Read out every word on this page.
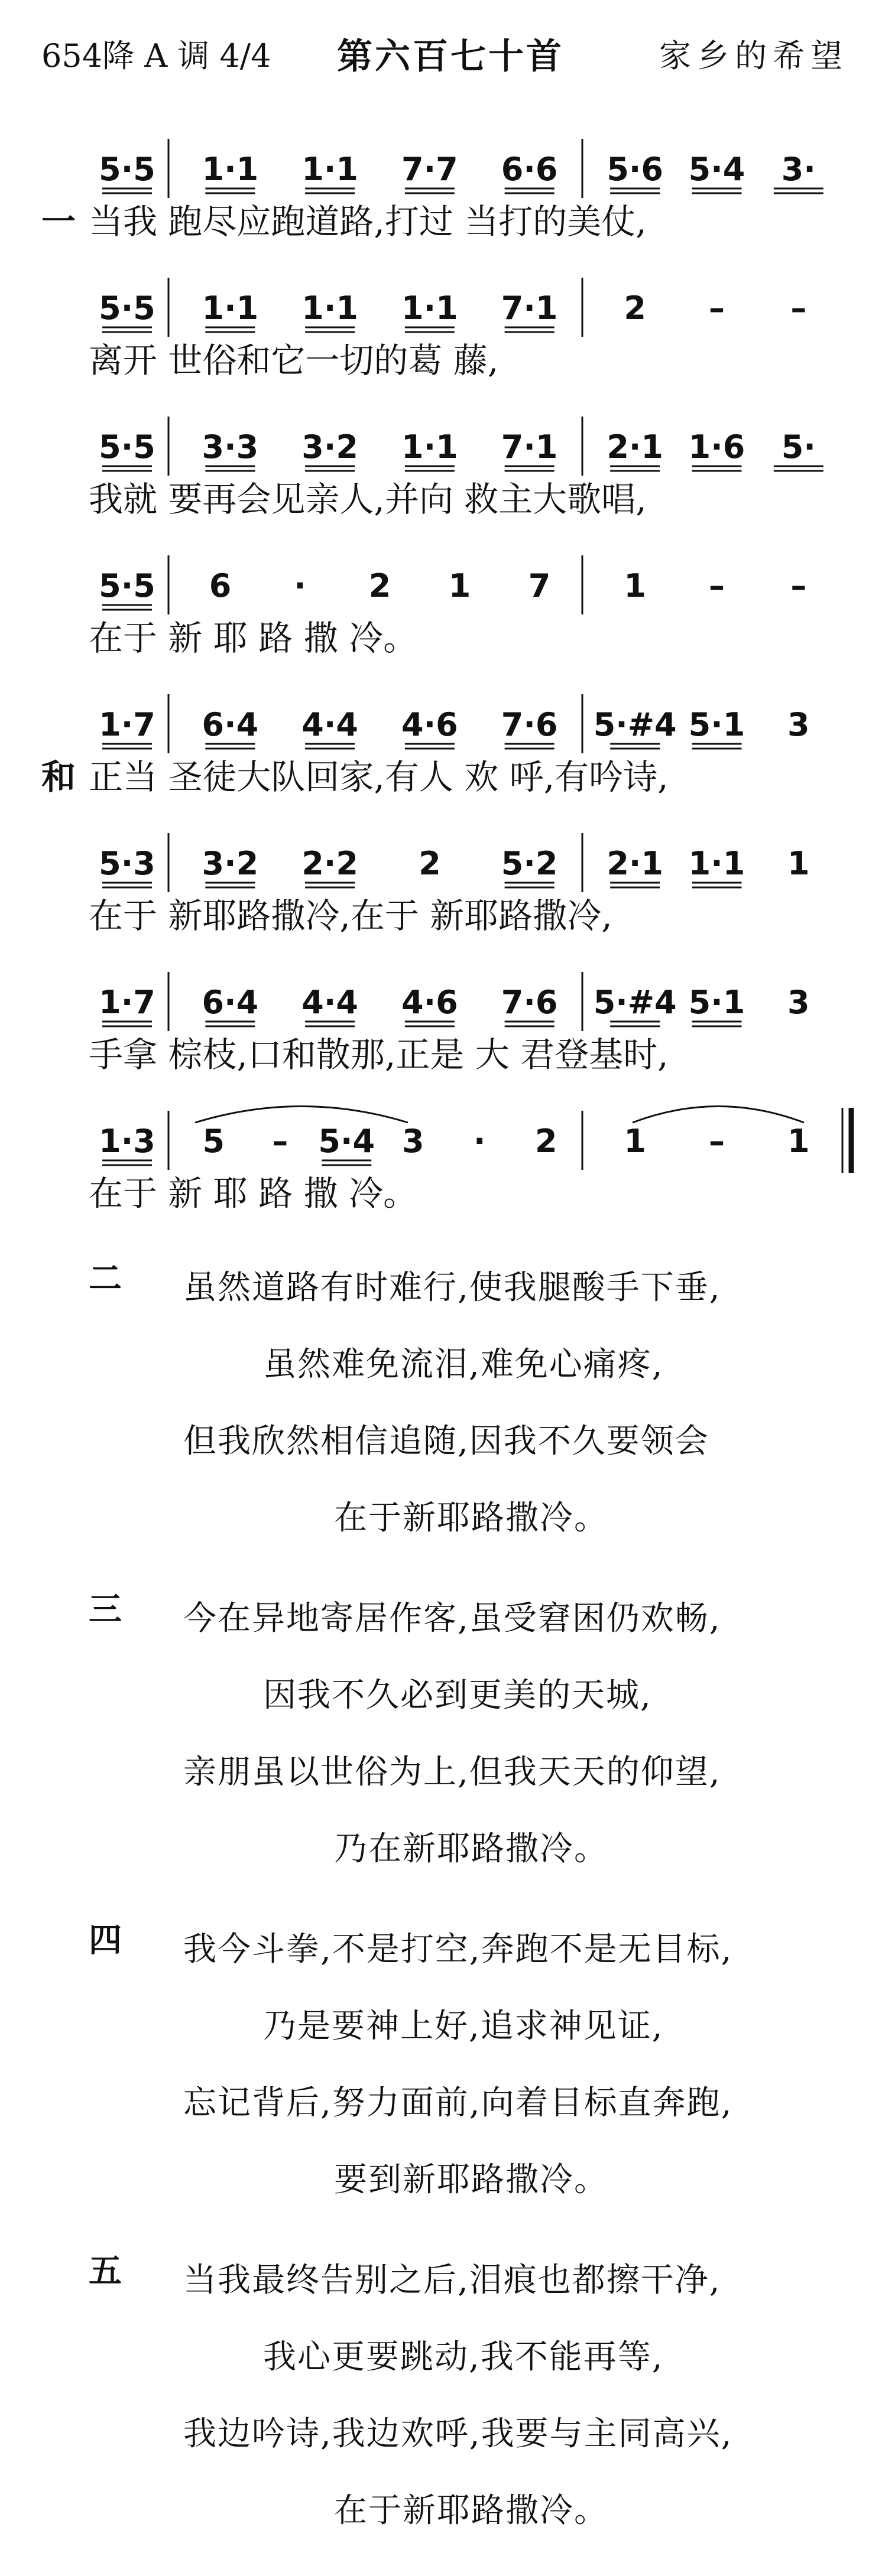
654降 A 调 4/4 第六百七十首	家乡的希望
5·5 1·1 1·1 7·7 6·6 5·6 5·4 3·
一 当我 跑尽应跑道路,打过 当打的美仗,
5·5 1·1 1·1 1·1 7·1 2 – –
离开 世俗和它一切的葛 藤,
5·5 3·3 3·2 1·1 7·1 2·1 1·6 5·
我就 要再会见亲人,并向 救主大歌唱,
5·5 6 · 2 1 7 1 – –
在于 新 耶 路 撒 冷。
1·7 6·4 4·4 4·6 7·6 5·#4 5·1 3
和 正当 圣徒大队回家,有人 欢 呼,有吟诗,
5·3 3·2 2·2 2 5·2 2·1 1·1 1
在于 新耶路撒冷,在于 新耶路撒冷,
1·7 6·4 4·4 4·6 7·6 5·#4 5·1 3
手拿 棕枝,口和散那,正是 大 君登基时,
1·3 5 – 5·4 3 · 2 1 – 1
在于 新 耶 路 撒 冷。
二	虽然道路有时难行,使我腿酸手下垂,
虽然难免流泪,难免心痛疼,
但我欣然相信追随,因我不久要领会
在于新耶路撒冷。
三	今在异地寄居作客,虽受窘困仍欢畅,
因我不久必到更美的天城,
亲朋虽以世俗为上,但我天天的仰望,
乃在新耶路撒冷。
四	我今斗拳,不是打空,奔跑不是无目标,
乃是要神上好,追求神见证,
忘记背后,努力面前,向着目标直奔跑,
要到新耶路撒冷。
五	当我最终告别之后,泪痕也都擦干净,
我心更要跳动,我不能再等,
我边吟诗,我边欢呼,我要与主同高兴,
在于新耶路撒冷。
